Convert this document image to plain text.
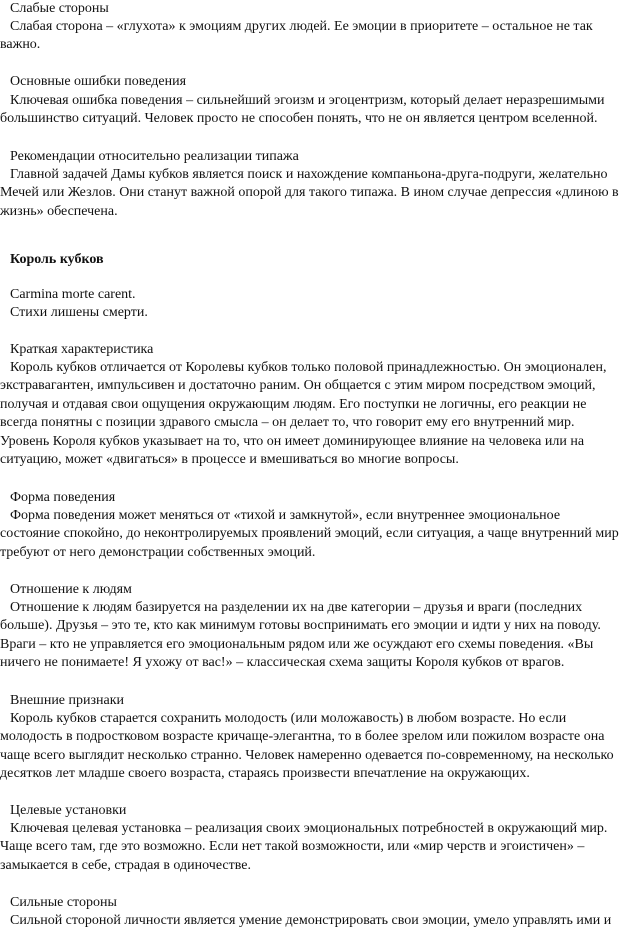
Слабые стороны
Слабая сторона – «глухота» к эмоциям других людей. Ее эмоции в приоритете – остальное не так
важно.
Основные ошибки поведения
Ключевая ошибка поведения – сильнейший эгоизм и эгоцентризм, который делает неразрешимыми
большинство ситуаций. Человек просто не способен понять, что не он является центром вселенной.
Рекомендации относительно реализации типажа
Главной задачей Дамы кубков является поиск и нахождение компаньона-друга-подруги, желательно
Мечей или Жезлов. Они станут важной опорой для такого типажа. В ином случае депрессия «длиною в
жизнь» обеспечена.
Король кубков
Carmina morte carent.
Стихи лишены смерти.
Краткая характеристика
Король кубков отличается от Королевы кубков только половой принадлежностью. Он эмоционален,
экстравагантен, импульсивен и достаточно раним. Он общается с этим миром посредством эмоций,
получая и отдавая свои ощущения окружающим людям. Его поступки не логичны, его реакции не
всегда понятны с позиции здравого смысла – он делает то, что говорит ему его внутренний мир.
Уровень Короля кубков указывает на то, что он имеет доминирующее влияние на человека или на
ситуацию, может «двигаться» в процессе и вмешиваться во многие вопросы.
Форма поведения
Форма поведения может меняться от «тихой и замкнутой», если внутреннее эмоциональное
состояние спокойно, до неконтролируемых проявлений эмоций, если ситуация, а чаще внутренний мир
требуют от него демонстрации собственных эмоций.
Отношение к людям
Отношение к людям базируется на разделении их на две категории – друзья и враги (последних
больше). Друзья – это те, кто как минимум готовы воспринимать его эмоции и идти у них на поводу.
Враги – кто не управляется его эмоциональным рядом или же осуждают его схемы поведения. «Вы
ничего не понимаете! Я ухожу от вас!» – классическая схема защиты Короля кубков от врагов.
Внешние признаки
Король кубков старается сохранить молодость (или моложавость) в любом возрасте. Но если
молодость в подростковом возрасте кричаще-элегантна, то в более зрелом или пожилом возрасте она
чаще всего выглядит несколько странно. Человек намеренно одевается по-современному, на несколько
десятков лет младше своего возраста, стараясь произвести впечатление на окружающих.
Целевые установки
Ключевая целевая установка – реализация своих эмоциональных потребностей в окружающий мир.
Чаще всего там, где это возможно. Если нет такой возможности, или «мир черств и эгоистичен» –
замыкается в себе, страдая в одиночестве.
Сильные стороны
Сильной стороной личности является умение демонстрировать свои эмоции, умело управлять ими и
